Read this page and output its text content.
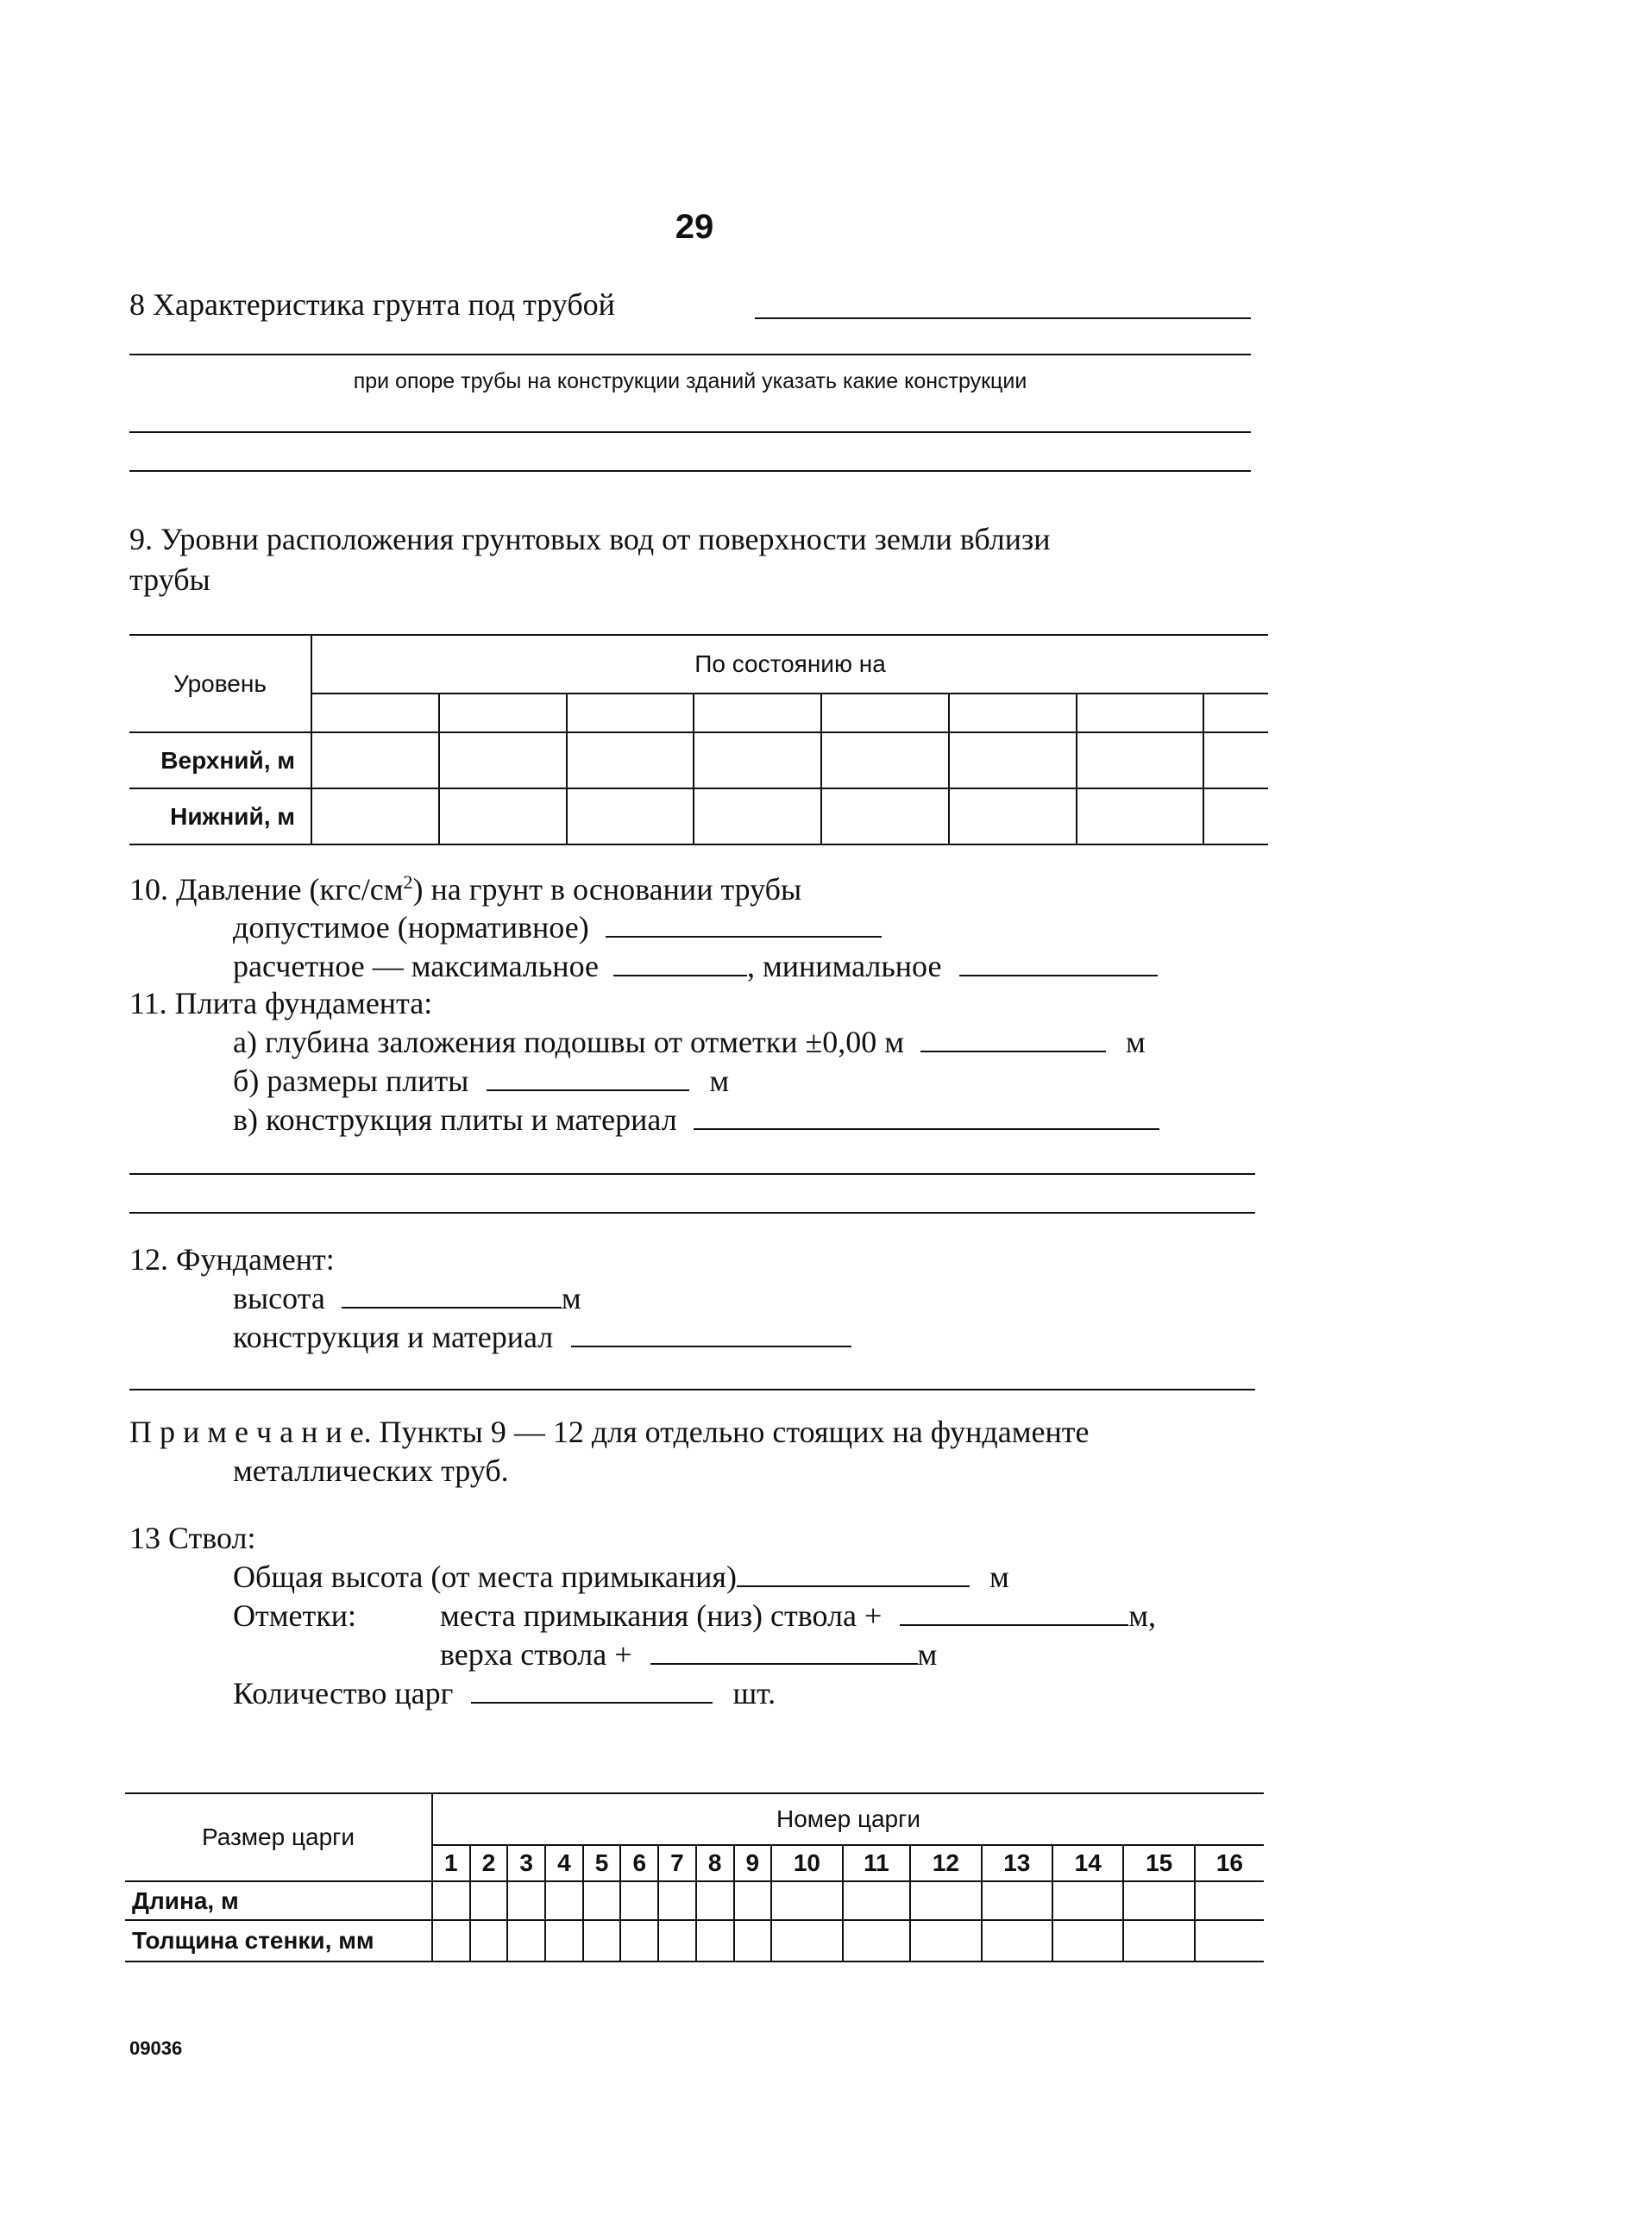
29
8 Характеристика грунта под трубой
при опоре трубы на конструкции зданий указать какие конструкции
9. Уровни расположения грунтовых вод от поверхности земли вблизи
трубы
Уровень	По состоянию на							

Верхний, м								
Нижний, м								
10. Давление $(кгс/см^2)$ на грунт в основании трубы
допустимое (нормативное)
расчетное — максимальное	, минимальное
11. Плита фундамента:
а) глубина заложения подошвы от отметки ±0,00 м	м
б) размеры плиты	м
в) конструкция плиты и материал
12. Фундамент:
высота	м
конструкция и материал
П р и м е ч а н и е. Пункты 9 — 12 для отдельно стоящих на фундаменте
металлических труб.
13 Ствол:
Общая высота (от места примыкания)	м
Отметки:	места примыкания (низ) ствола +	м,
верха ствола +	м
Количество царг	шт.
Размер царги	Номер царги															
	1	2	3	4	5	6	7	8	9	10	11	12	13	14	15	16
Длина, м																
Толщина стенки, мм																
09036
